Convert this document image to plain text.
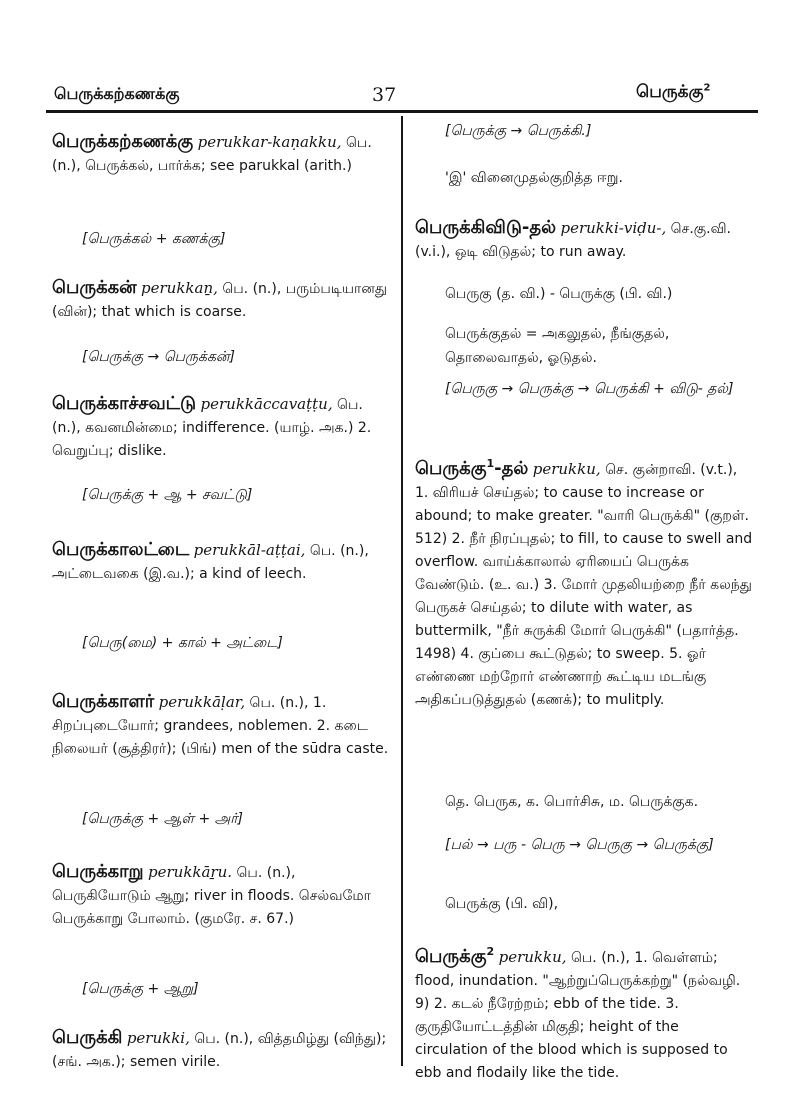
பெருக்கற்கணக்கு	37	பெருக்கு$^2$
பெருக்கற்கணக்கு perukkar-kaṇakku, பெ. (n.), பெருக்கல், பார்க்க; see parukkal (arith.)
[பெருக்கல் + கணக்கு]
பெருக்கன் perukkaṉ, பெ. (n.), பரும்படியானது (வின்); that which is coarse.
[பெருக்கு → பெருக்கன்]
பெருக்காச்சவட்டு perukkāccavaṭṭu, பெ. (n.), கவனமின்மை; indifference. (யாழ். அக.) 2. வெறுப்பு; dislike.
[பெருக்கு + ஆ + சவட்டு]
பெருக்காலட்டை perukkāl-aṭṭai, பெ. (n.), அட்டைவகை (இ.வ.); a kind of leech.
[பெரு(மை) + கால் + அட்டை]
பெருக்காளர் perukkāḷar, பெ. (n.), 1. சிறப்புடையோர்; grandees, noblemen. 2. கடை நிலையர் (சூத்திரர்); (பிங்) men of the sūdra caste.
[பெருக்கு + ஆள் + அர்]
பெருக்காறு perukkāṟu. பெ. (n.), பெருகியோடும் ஆறு; river in floods. செல்வமோ பெருக்காறு போலாம். (குமரே. ச. 67.)
[பெருக்கு + ஆறு]
பெருக்கி perukki, பெ. (n.), வித்தமிழ்து (விந்து); (சங். அக.); semen virile.
[பெருக்கு → பெருக்கி.]
'இ' வினைமுதல்குறித்த ஈறு.
பெருக்கிவிடு-தல் perukki-viḍu-, செ.கு.வி. (v.i.), ஒடி விடுதல்; to run away.
பெருகு (த. வி.) - பெருக்கு (பி. வி.)
பெருக்குதல் = அகலுதல், நீங்குதல், தொலைவாதல், ஓடுதல்.
[பெருகு → பெருக்கு → பெருக்கி + விடு- தல்]
பெருக்கு$^1$-தல் perukku, செ. குன்றாவி. (v.t.), 1. விரியச் செய்தல்; to cause to increase or abound; to make greater. "வாரி பெருக்கி" (குறள். 512) 2. நீர் நிரப்புதல்; to fill, to cause to swell and overflow. வாய்க்காலால் ஏரியைப் பெருக்க வேண்டும். (உ. வ.) 3. மோர் முதலியற்றை நீர் கலந்து பெருகச் செய்தல்; to dilute with water, as buttermilk, "நீர் சுருக்கி மோர் பெருக்கி" (பதார்த்த. 1498) 4. குப்பை கூட்டுதல்; to sweep. 5. ஓர் எண்ணை மற்றோர் எண்ணாற் கூட்டிய மடங்கு அதிகப்படுத்துதல் (கணக்); to mulitply.
தெ. பெருக, க. பொர்சிசு, ம. பெருக்குக.
[பல் → பரு - பெரு → பெருகு → பெருக்கு]
பெருக்கு (பி. வி),
பெருக்கு$^2$ perukku, பெ. (n.), 1. வெள்ளம்; flood, inundation. "ஆற்றுப்பெருக்கற்று" (நல்வழி. 9) 2. கடல் நீரேற்றம்; ebb of the tide. 3. குருதியோட்டத்தின் மிகுதி; height of the circulation of the blood which is supposed to ebb and flodaily like the tide.
